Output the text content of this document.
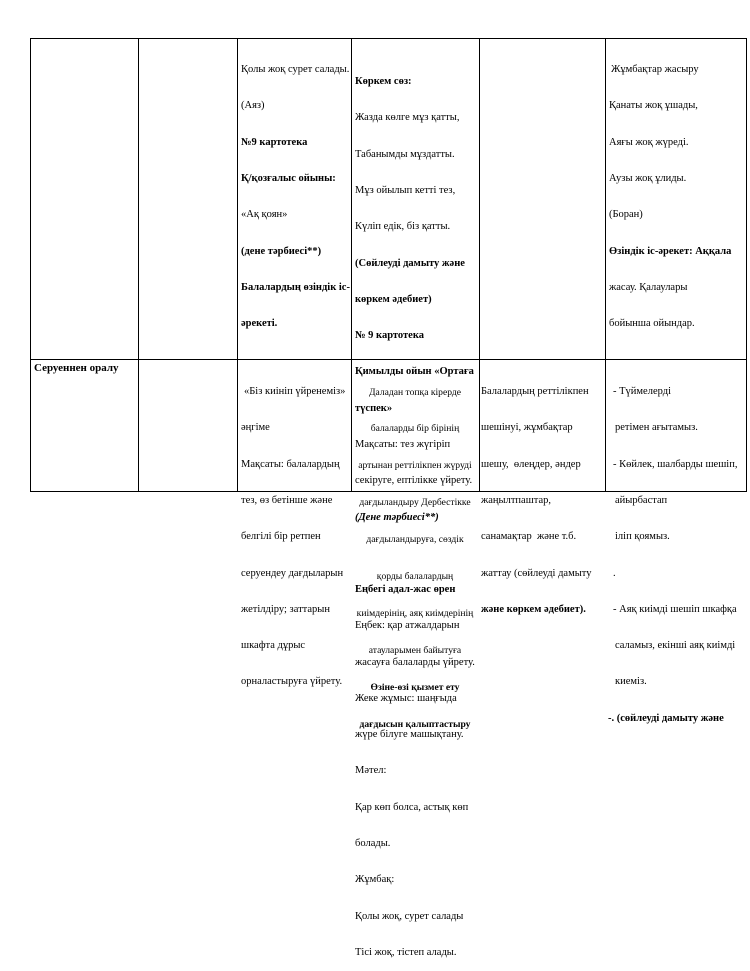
Қолы жоқ сурет салады.

(Аяз)

№9 картотека

Қ/қозғалыс ойыны:

«Ақ қоян»

(дене тәрбиесі**)

Балалардың өзіндік іс-

әрекеті.

Көркем сөз:

Жазда көлге мұз қатты,

Табанымды мұздатты.

Мұз ойылып кетті тез,

Күліп едік, біз қатты.

(Сөйлеуді дамыту және

көркем әдебиет)

№ 9 картотека

Қимылды ойын «Ортаға

түспек»

Мақсаты: тез жүгіріп

секіруге, ептілікке үйрету.

(Дене тәрбиесі**)

Еңбегі адал-жас өрен

Еңбек: қар атжалдарын

жасауға балаларды үйрету.

Жеке жұмыс: шаңғыда

жүре білуге машықтану.

Мәтел:

Қар көп болса, астық көп

болады.

Жұмбақ:

Қолы жоқ, сурет салады

Тісі жоқ, тістеп алады.

Жұмбақтар жасыру

Қанаты жоқ ұшады,

Аяғы жоқ жүреді.

Аузы жоқ ұлиды.

(Боран)

Өзіндік іс-әрекет: Аққала

жасау. Қалаулары

бойынша ойындар.

Серуеннен оралу

«Біз киініп үйренеміз»

әңгіме

Мақсаты: балалардың

тез, өз бетінше және

белгілі бір ретпен

серуендеу дағдыларын

жетілдіру; заттарын

шкафта дұрыс

орналастыруға үйрету.

Даладан топқа кірерде

балаларды бір бірінің

артынан реттілікпен жүруді

дағдыландыру Дербестікке

дағдыландыруға, сөздік

қорды балалардың

киімдерінің, аяқ киімдерінің

атауларымен байытуға

Өзіне-өзі қызмет ету

дағдысын қалыптастыру

Балалардың реттілікпен

шешінуі, жұмбақтар

шешу,  өлеңдер, әндер

жаңылтпаштар,

санамақтар  және т.б.

жаттау (сөйлеуді дамыту

және көркем әдебиет).

- Түймелерді

ретімен ағытамыз.

- Көйлек, шалбарды шешіп,

айырбастап

іліп қоямыз.

.

- Аяқ киімді шешіп шкафқа

саламыз, екінші аяқ киімді

киеміз.

-. (сөйлеуді дамыту және
